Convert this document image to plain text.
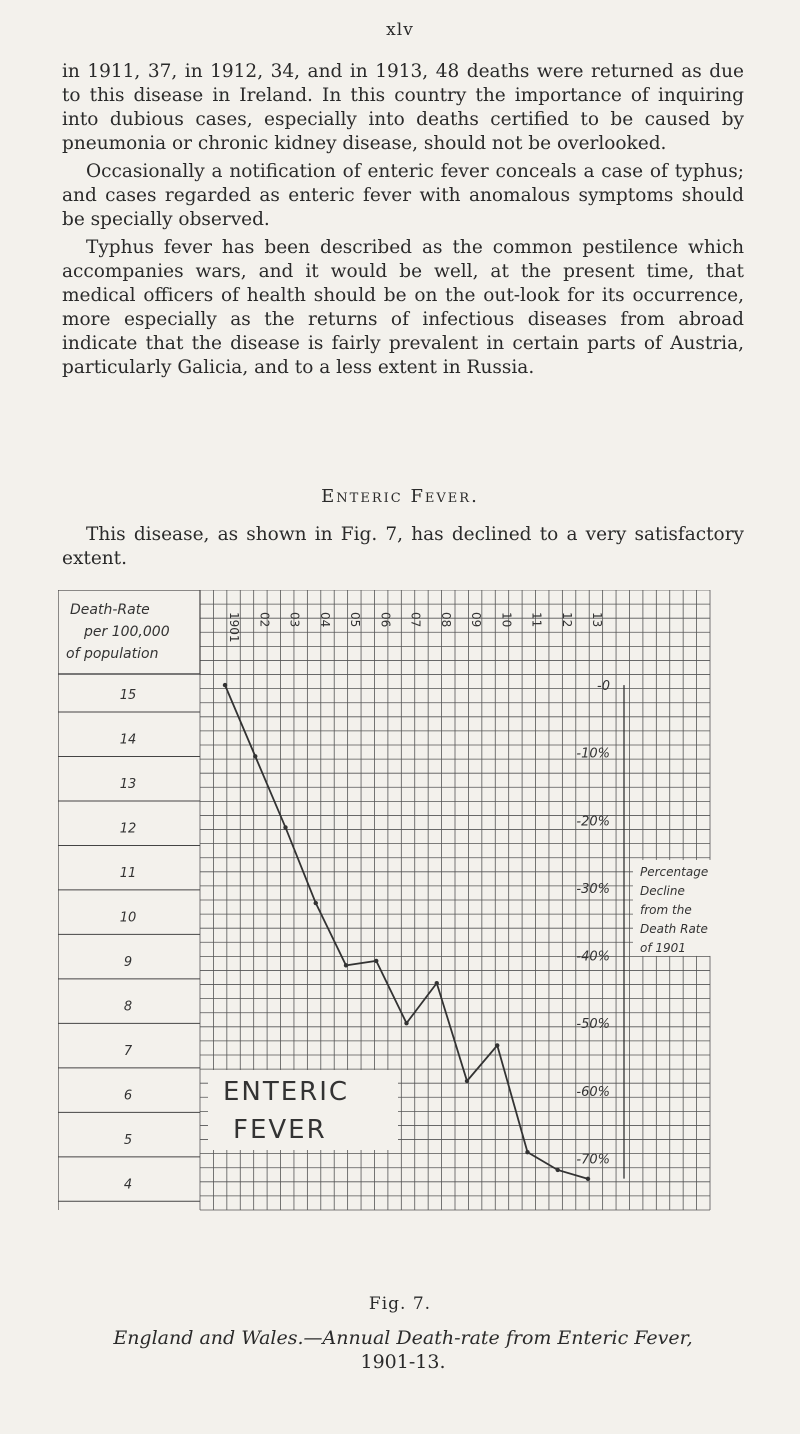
xlv

in 1911, 37, in 1912, 34, and in 1913, 48 deaths were returned as due to this disease in Ireland. In this country the importance of inquiring into dubious cases, especially into deaths certified to be caused by pneumonia or chronic kidney disease, should not be overlooked.

Occasionally a notification of enteric fever conceals a case of typhus; and cases regarded as enteric fever with anomalous symptoms should be specially observed.

Typhus fever has been described as the common pestilence which accompanies wars, and it would be well, at the present time, that medical officers of health should be on the out-look for its occurrence, more especially as the returns of infectious diseases from abroad indicate that the disease is fairly prevalent in certain parts of Austria, particularly Galicia, and to a less extent in Russia.

Enteric Fever.
This disease, as shown in Fig. 7, has declined to a very satisfactory extent.
Death-Rate
per 100,000
of population
1901 02 03 04 05 06 07 08 09 10 11 12 13
15
14
13
12
11
10
9
8
7
6
5
4
-0
-10%
-20%
-30%
-40%
-50%
-60%
-70%
Percentage
Decline
from the
Death Rate
of 1901
ENTERIC
FEVER
Fig. 7.
England and Wales.—Annual Death-rate from Enteric Fever,
1901-13.
